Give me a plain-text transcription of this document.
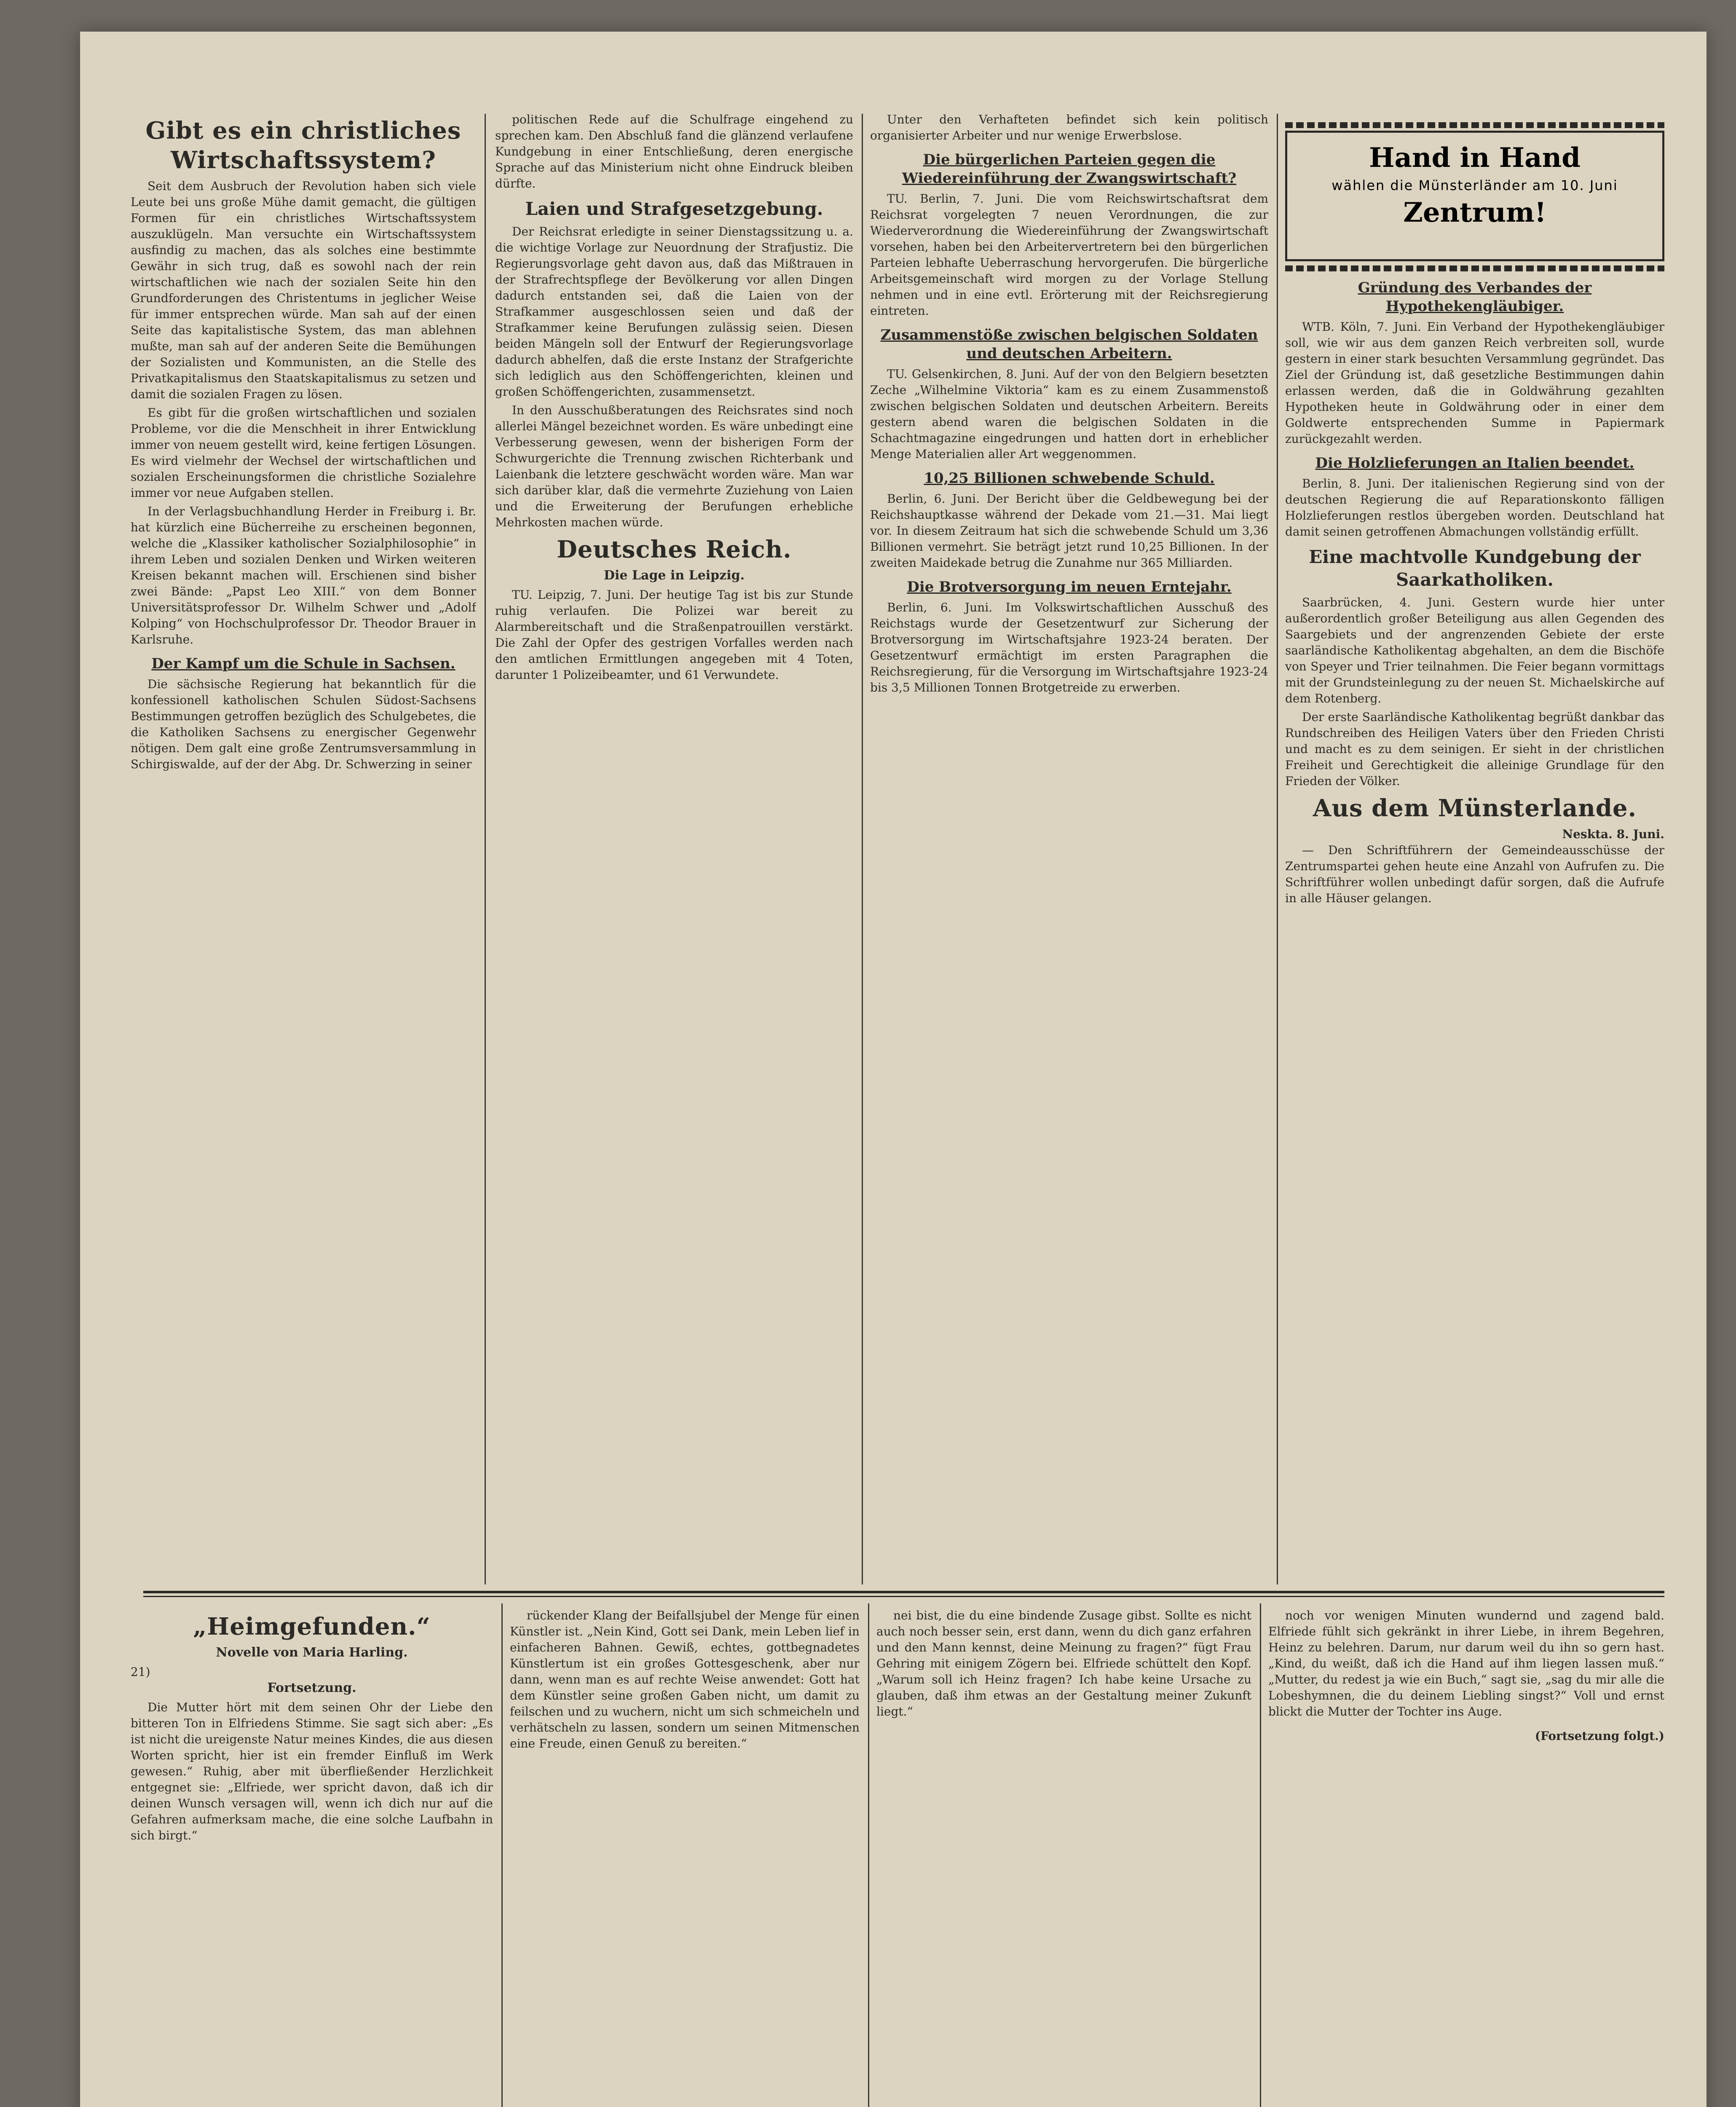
Gibt es ein christliches Wirtschaftssystem?

Seit dem Ausbruch der Revolution haben sich viele Leute bei uns große Mühe damit gemacht, die gültigen Formen für ein christliches Wirtschaftssystem auszuklügeln. Man versuchte ein Wirtschaftssystem ausfindig zu machen, das als solches eine bestimmte Gewähr in sich trug, daß es sowohl nach der rein wirtschaftlichen wie nach der sozialen Seite hin den Grundforderungen des Christentums in jeglicher Weise für immer entsprechen würde. Man sah auf der einen Seite das kapitalistische System, das man ablehnen mußte, man sah auf der anderen Seite die Bemühungen der Sozialisten und Kommunisten, an die Stelle des Privatkapitalismus den Staatskapitalismus zu setzen und damit die sozialen Fragen zu lösen.

Es gibt für die großen wirtschaftlichen und sozialen Probleme, vor die die Menschheit in ihrer Entwicklung immer von neuem gestellt wird, keine fertigen Lösungen. Es wird vielmehr der Wechsel der wirtschaftlichen und sozialen Erscheinungsformen die christliche Sozialehre immer vor neue Aufgaben stellen.

In der Verlagsbuchhandlung Herder in Freiburg i. Br. hat kürzlich eine Bücherreihe zu erscheinen begonnen, welche die „Klassiker katholischer Sozialphilosophie“ in ihrem Leben und sozialen Denken und Wirken weiteren Kreisen bekannt machen will. Erschienen sind bisher zwei Bände: „Papst Leo XIII.“ von dem Bonner Universitätsprofessor Dr. Wilhelm Schwer und „Adolf Kolping“ von Hochschulprofessor Dr. Theodor Brauer in Karlsruhe.

Der Kampf um die Schule in Sachsen.

Die sächsische Regierung hat bekanntlich für die konfessionell katholischen Schulen Südost-Sachsens Bestimmungen getroffen bezüglich des Schulgebetes, die die Katholiken Sachsens zu energischer Gegenwehr nötigen. Dem galt eine große Zentrumsversammlung in Schirgiswalde, auf der der Abg. Dr. Schwerzing in seiner

politischen Rede auf die Schulfrage eingehend zu sprechen kam. Den Abschluß fand die glänzend verlaufene Kundgebung in einer Entschließung, deren energische Sprache auf das Ministerium nicht ohne Eindruck bleiben dürfte.

Laien und Strafgesetzgebung.

Der Reichsrat erledigte in seiner Dienstagssitzung u. a. die wichtige Vorlage zur Neuordnung der Strafjustiz. Die Regierungsvorlage geht davon aus, daß das Mißtrauen in der Strafrechtspflege der Bevölkerung vor allen Dingen dadurch entstanden sei, daß die Laien von der Strafkammer ausgeschlossen seien und daß der Strafkammer keine Berufungen zulässig seien. Diesen beiden Mängeln soll der Entwurf der Regierungsvorlage dadurch abhelfen, daß die erste Instanz der Strafgerichte sich lediglich aus den Schöffengerichten, kleinen und großen Schöffengerichten, zusammensetzt.

In den Ausschußberatungen des Reichsrates sind noch allerlei Mängel bezeichnet worden. Es wäre unbedingt eine Verbesserung gewesen, wenn der bisherigen Form der Schwurgerichte die Trennung zwischen Richterbank und Laienbank die letztere geschwächt worden wäre. Man war sich darüber klar, daß die vermehrte Zuziehung von Laien und die Erweiterung der Berufungen erhebliche Mehrkosten machen würde.

Deutsches Reich.
Die Lage in Leipzig.

TU. Leipzig, 7. Juni. Der heutige Tag ist bis zur Stunde ruhig verlaufen. Die Polizei war bereit zu Alarmbereitschaft und die Straßenpatrouillen verstärkt. Die Zahl der Opfer des gestrigen Vorfalles werden nach den amtlichen Ermittlungen angegeben mit 4 Toten, darunter 1 Polizeibeamter, und 61 Verwundete.

Unter den Verhafteten befindet sich kein politisch organisierter Arbeiter und nur wenige Erwerbslose.

Die bürgerlichen Parteien gegen die Wiedereinführung der Zwangswirtschaft?

TU. Berlin, 7. Juni. Die vom Reichswirtschaftsrat dem Reichsrat vorgelegten 7 neuen Verordnungen, die zur Wiederverordnung die Wiedereinführung der Zwangswirtschaft vorsehen, haben bei den Arbeitervertretern bei den bürgerlichen Parteien lebhafte Ueberraschung hervorgerufen. Die bürgerliche Arbeitsgemeinschaft wird morgen zu der Vorlage Stellung nehmen und in eine evtl. Erörterung mit der Reichsregierung eintreten.

Zusammenstöße zwischen belgischen Soldaten und deutschen Arbeitern.

TU. Gelsenkirchen, 8. Juni. Auf der von den Belgiern besetzten Zeche „Wilhelmine Viktoria“ kam es zu einem Zusammenstoß zwischen belgischen Soldaten und deutschen Arbeitern. Bereits gestern abend waren die belgischen Soldaten in die Schachtmagazine eingedrungen und hatten dort in erheblicher Menge Materialien aller Art weggenommen.

10,25 Billionen schwebende Schuld.

Berlin, 6. Juni. Der Bericht über die Geldbewegung bei der Reichshauptkasse während der Dekade vom 21.—31. Mai liegt vor. In diesem Zeitraum hat sich die schwebende Schuld um 3,36 Billionen vermehrt. Sie beträgt jetzt rund 10,25 Billionen. In der zweiten Maidekade betrug die Zunahme nur 365 Milliarden.

Die Brotversorgung im neuen Erntejahr.

Berlin, 6. Juni. Im Volkswirtschaftlichen Ausschuß des Reichstags wurde der Gesetzentwurf zur Sicherung der Brotversorgung im Wirtschaftsjahre 1923-24 beraten. Der Gesetzentwurf ermächtigt im ersten Paragraphen die Reichsregierung, für die Versorgung im Wirtschaftsjahre 1923-24 bis 3,5 Millionen Tonnen Brotgetreide zu erwerben.

Gründung des Verbandes der Hypothekengläubiger.

WTB. Köln, 7. Juni. Ein Verband der Hypothekengläubiger soll, wie wir aus dem ganzen Reich verbreiten soll, wurde gestern in einer stark besuchten Versammlung gegründet. Das Ziel der Gründung ist, daß gesetzliche Bestimmungen dahin erlassen werden, daß die in Goldwährung gezahlten Hypotheken heute in Goldwährung oder in einer dem Goldwerte entsprechenden Summe in Papiermark zurückgezahlt werden.

Die Holzlieferungen an Italien beendet.

Berlin, 8. Juni. Der italienischen Regierung sind von der deutschen Regierung die auf Reparationskonto fälligen Holzlieferungen restlos übergeben worden. Deutschland hat damit seinen getroffenen Abmachungen vollständig erfüllt.

Eine machtvolle Kundgebung der Saarkatholiken.

Saarbrücken, 4. Juni. Gestern wurde hier unter außerordentlich großer Beteiligung aus allen Gegenden des Saargebiets und der angrenzenden Gebiete der erste saarländische Katholikentag abgehalten, an dem die Bischöfe von Speyer und Trier teilnahmen. Die Feier begann vormittags mit der Grundsteinlegung zu der neuen St. Michaelskirche auf dem Rotenberg.

Der erste Saarländische Katholikentag begrüßt dankbar das Rundschreiben des Heiligen Vaters über den Frieden Christi und macht es zu dem seinigen. Er sieht in der christlichen Freiheit und Gerechtigkeit die alleinige Grundlage für den Frieden der Völker.

Aus dem Münsterlande.
Neskta. 8. Juni.

— Den Schriftführern der Gemeindeausschüsse der Zentrumspartei gehen heute eine Anzahl von Aufrufen zu. Die Schriftführer wollen unbedingt dafür sorgen, daß die Aufrufe in alle Häuser gelangen.

Hand in Hand
wählen die Münsterländer am 10. Juni
Zentrum!
„Heimgefunden.“
Novelle von Maria Harling.
21)
Fortsetzung.

Die Mutter hört mit dem seinen Ohr der Liebe den bitteren Ton in Elfriedens Stimme. Sie sagt sich aber: „Es ist nicht die ureigenste Natur meines Kindes, die aus diesen Worten spricht, hier ist ein fremder Einfluß im Werk gewesen.“ Ruhig, aber mit überfließender Herzlichkeit entgegnet sie: „Elfriede, wer spricht davon, daß ich dir deinen Wunsch versagen will, wenn ich dich nur auf die Gefahren aufmerksam mache, die eine solche Laufbahn in sich birgt.“

rückender Klang der Beifallsjubel der Menge für einen Künstler ist. „Nein Kind, Gott sei Dank, mein Leben lief in einfacheren Bahnen. Gewiß, echtes, gottbegnadetes Künstlertum ist ein großes Gottesgeschenk, aber nur dann, wenn man es auf rechte Weise anwendet: Gott hat dem Künstler seine großen Gaben nicht, um damit zu feilschen und zu wuchern, nicht um sich schmeicheln und verhätscheln zu lassen, sondern um seinen Mitmenschen eine Freude, einen Genuß zu bereiten.“

nei bist, die du eine bindende Zusage gibst. Sollte es nicht auch noch besser sein, erst dann, wenn du dich ganz erfahren und den Mann kennst, deine Meinung zu fragen?“ fügt Frau Gehring mit einigem Zögern bei. Elfriede schüttelt den Kopf. „Warum soll ich Heinz fragen? Ich habe keine Ursache zu glauben, daß ihm etwas an der Gestaltung meiner Zukunft liegt.“

noch vor wenigen Minuten wundernd und zagend bald. Elfriede fühlt sich gekränkt in ihrer Liebe, in ihrem Begehren, Heinz zu belehren. Darum, nur darum weil du ihn so gern hast. „Kind, du weißt, daß ich die Hand auf ihm liegen lassen muß.“ „Mutter, du redest ja wie ein Buch,“ sagt sie, „sag du mir alle die Lobeshymnen, die du deinem Liebling singst?“ Voll und ernst blickt die Mutter der Tochter ins Auge.

(Fortsetzung folgt.)
